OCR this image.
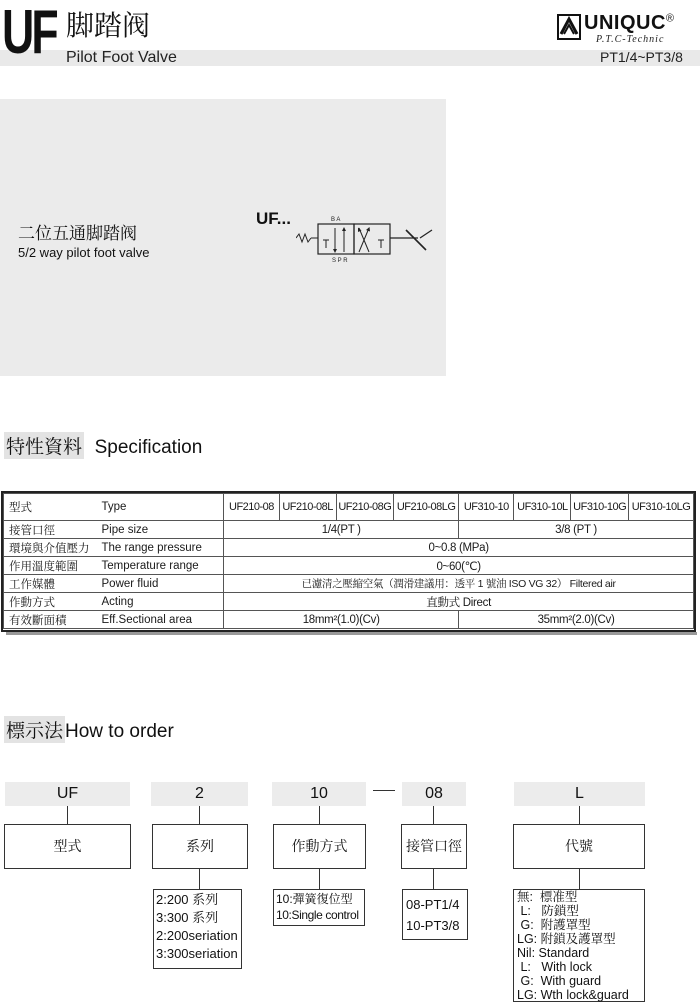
UF 脚踏阀
Pilot Foot Valve
UNIQUC®
P.T.C-Technic
PT1/4~PT3/8
二位五通脚踏阀
5/2 way pilot foot valve
UF...	B A
S P R
特性資料 Specification
型式	Type	UF210-08	UF210-08L	UF210-08G	UF210-08LG	UF310-10	UF310-10L	UF310-10G	UF310-10LG
接管口徑	Pipe size	1/4(PT )				3/8 (PT )			
環境與介值壓力	The range pressure	0~0.8 (MPa)							
作用溫度範圍	Temperature range	0~60(℃)							
工作媒體	Power fluid	已濾清之壓縮空氣（潤滑建議用：透平 1 號油 ISO VG 32） Filtered air							
作動方式	Acting	直動式 Direct							
有效斷面積	Eff.Sectional area	18mm²(1.0)(Cv)				35mm²(2.0)(Cv)			
標示法 How to order
UF
型式
2
系列
2:200 系列
3:300 系列
2:200seriation
3:300seriation
10
作動方式
10:彈簧復位型
10:Single control
08
接管口徑
08-PT1/4
10-PT3/8
L
代號
無:  標准型
L:   防鎖型
G:  附護罩型
LG: 附鎖及護罩型
Nil: Standard
L:   With lock
G:  With guard
LG: Wth lock&guard
